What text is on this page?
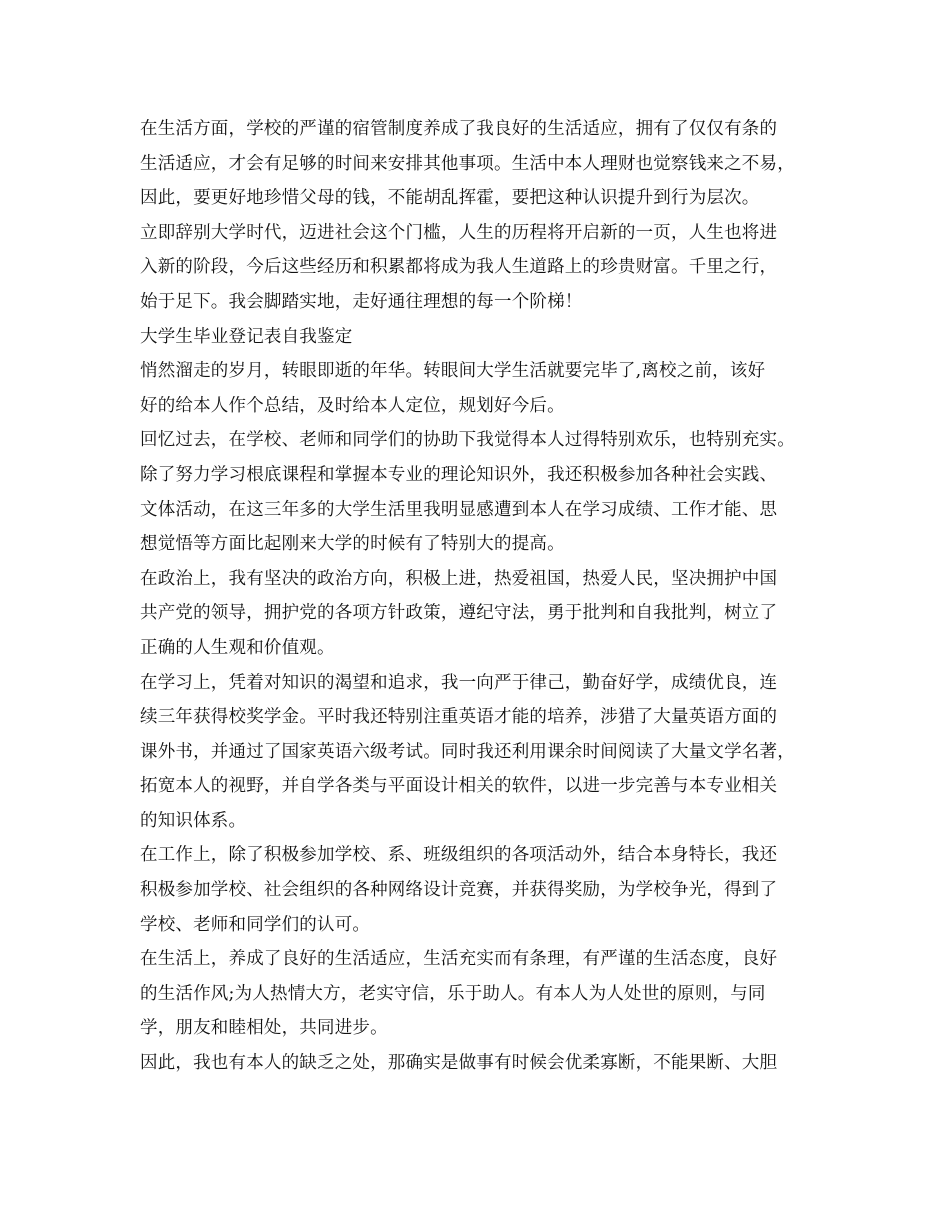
在生活方面，学校的严谨的宿管制度养成了我良好的生活适应，拥有了仅仅有条的
生活适应，才会有足够的时间来安排其他事项。生活中本人理财也觉察钱来之不易，
因此，要更好地珍惜父母的钱，不能胡乱挥霍，要把这种认识提升到行为层次。
立即辞别大学时代，迈进社会这个门槛，人生的历程将开启新的一页，人生也将进
入新的阶段，今后这些经历和积累都将成为我人生道路上的珍贵财富。千里之行，
始于足下。我会脚踏实地，走好通往理想的每一个阶梯！
大学生毕业登记表自我鉴定
悄然溜走的岁月，转眼即逝的年华。转眼间大学生活就要完毕了,离校之前，该好
好的给本人作个总结，及时给本人定位，规划好今后。
回忆过去，在学校、老师和同学们的协助下我觉得本人过得特别欢乐，也特别充实。
除了努力学习根底课程和掌握本专业的理论知识外，我还积极参加各种社会实践、
文体活动，在这三年多的大学生活里我明显感遭到本人在学习成绩、工作才能、思
想觉悟等方面比起刚来大学的时候有了特别大的提高。
在政治上，我有坚决的政治方向，积极上进，热爱祖国，热爱人民，坚决拥护中国
共产党的领导，拥护党的各项方针政策，遵纪守法，勇于批判和自我批判，树立了
正确的人生观和价值观。
在学习上，凭着对知识的渴望和追求，我一向严于律己，勤奋好学，成绩优良，连
续三年获得校奖学金。平时我还特别注重英语才能的培养，涉猎了大量英语方面的
课外书，并通过了国家英语六级考试。同时我还利用课余时间阅读了大量文学名著，
拓宽本人的视野，并自学各类与平面设计相关的软件，以进一步完善与本专业相关
的知识体系。
在工作上，除了积极参加学校、系、班级组织的各项活动外，结合本身特长，我还
积极参加学校、社会组织的各种网络设计竞赛，并获得奖励，为学校争光，得到了
学校、老师和同学们的认可。
在生活上，养成了良好的生活适应，生活充实而有条理，有严谨的生活态度，良好
的生活作风;为人热情大方，老实守信，乐于助人。有本人为人处世的原则，与同
学，朋友和睦相处，共同进步。
因此，我也有本人的缺乏之处，那确实是做事有时候会优柔寡断，不能果断、大胆
